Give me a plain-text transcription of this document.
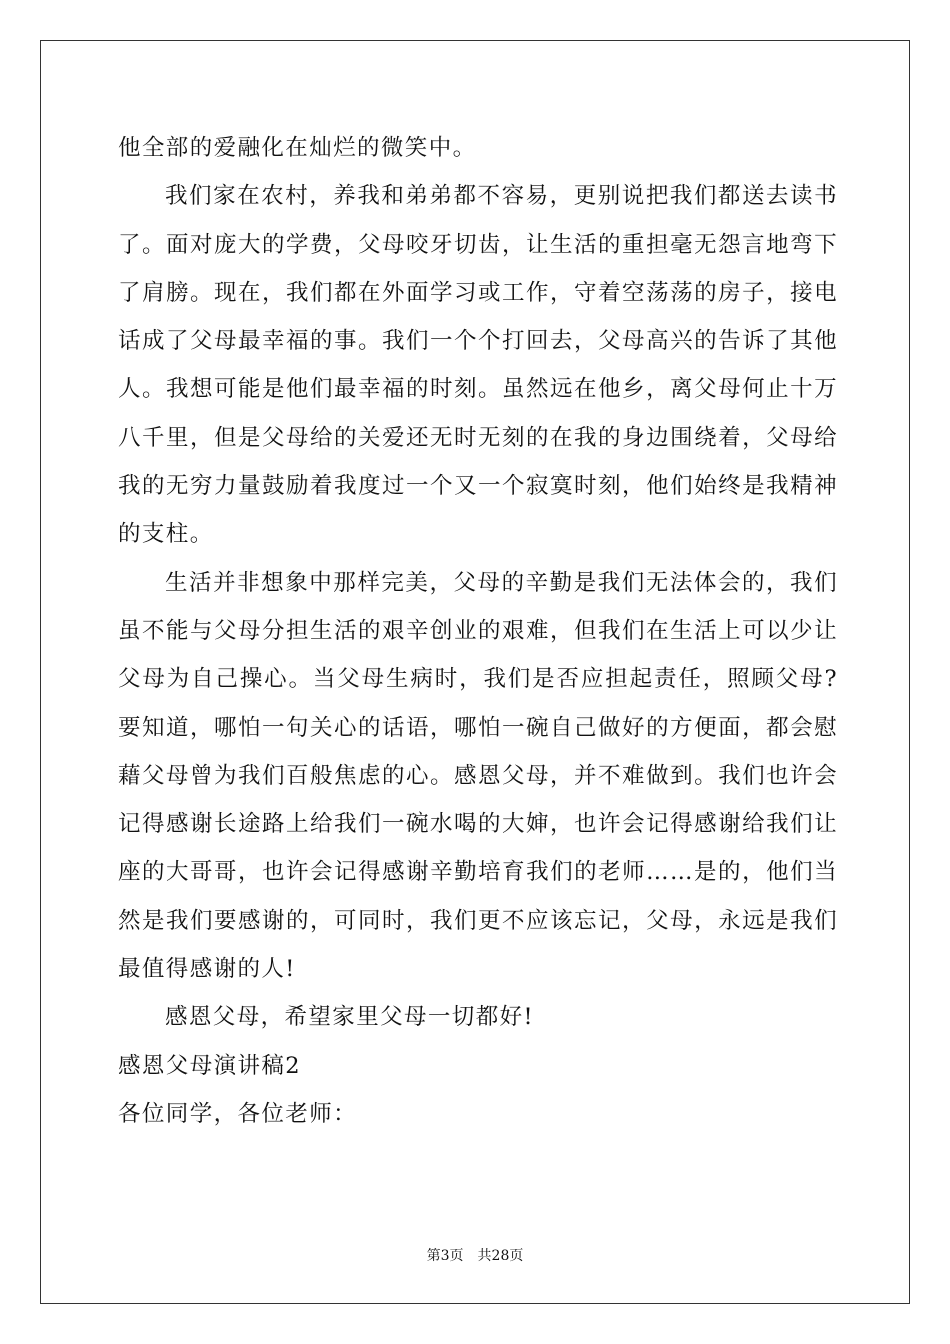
他全部的爱融化在灿烂的微笑中。

我们家在农村，养我和弟弟都不容易，更别说把我们都送去读书了。面对庞大的学费，父母咬牙切齿，让生活的重担毫无怨言地弯下了肩膀。现在，我们都在外面学习或工作，守着空荡荡的房子，接电话成了父母最幸福的事。我们一个个打回去，父母高兴的告诉了其他人。我想可能是他们最幸福的时刻。虽然远在他乡，离父母何止十万八千里，但是父母给的关爱还无时无刻的在我的身边围绕着，父母给我的无穷力量鼓励着我度过一个又一个寂寞时刻，他们始终是我精神的支柱。

生活并非想象中那样完美，父母的辛勤是我们无法体会的，我们虽不能与父母分担生活的艰辛创业的艰难，但我们在生活上可以少让父母为自己操心。当父母生病时，我们是否应担起责任，照顾父母?要知道，哪怕一句关心的话语，哪怕一碗自己做好的方便面，都会慰藉父母曾为我们百般焦虑的心。感恩父母，并不难做到。我们也许会记得感谢长途路上给我们一碗水喝的大婶，也许会记得感谢给我们让座的大哥哥，也许会记得感谢辛勤培育我们的老师……是的，他们当然是我们要感谢的，可同时，我们更不应该忘记，父母，永远是我们最值得感谢的人!

感恩父母，希望家里父母一切都好!

感恩父母演讲稿2

各位同学，各位老师：

第3页 共28页
